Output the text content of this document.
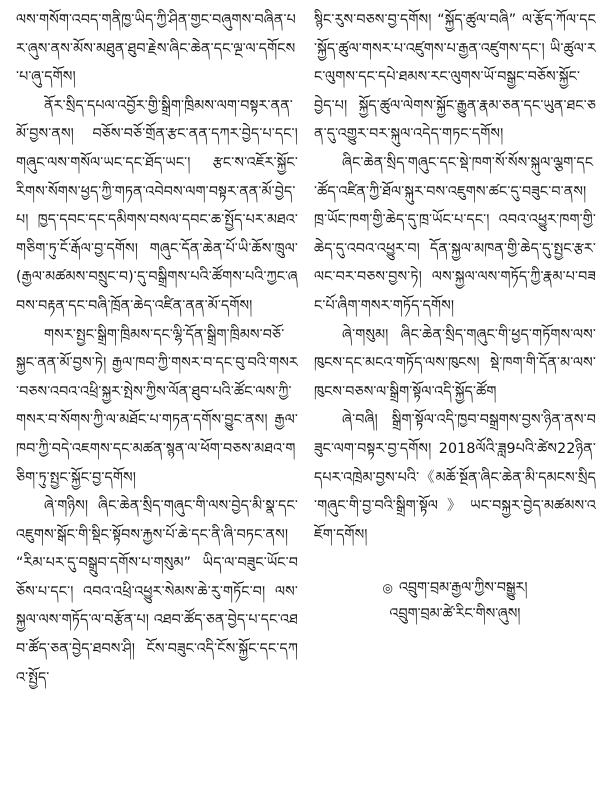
ལས་གསོག་འབད་གནིཁྱ་ཡིད་ཀྱི་ཤིན་གྱང་བཞུགས་བཞིན་པར་ཞུས་ནས་མོས་མཐུན་ཐུབ་རྗེས་ཞིང་ཆེན་དང་ལྔ་ལ་དགོངས་པ་ཞུ་དགོས།

ནོར་སྲིད་དཔལ་འབྱོར་གྱི་སྒྲིག་ཁྲིམས་ལག་བསྟར་ནན་མོ་བྱས་ནས། བཅོས་བཅོ་གྲོན་རྩང་ནན་དཀར་བྱེད་པ་དང་། གཞུང་ལས་གསོལ་ཡང་དང་ཐོད་ཡང་། རྩང་ས་འཇོར་སྐྱོང་རིགས་སོགས་ཕྱད་ཀྱི་གཏན་འབེབས་ལག་བསྟར་ནན་མོ་བྱེད་པ། ཁྱད་དབང་དང་དམིགས་བསལ་དབང་ཆ་སྤྱོད་པར་མཐའ་གཅིག་ཏུ་ངོ་རྒོལ་བྱ་དགོས། གཞུང་དོན་ཆེན་པོ་ཡི་ཆོས་ཁྲུལ་(རྒྱལ་མཚམས་བསྲུང་བ)་དུ་བསྒྲིགས་པའི་ཚོགས་པའི་ཀྱང་ཞབས་བརྟན་དང་བཞི་ཁྲོན་ཆེད་འཛིན་ནན་མོ་དགོས།

གསར་སྤྱང་སྒྲིག་ཁྲིམས་དང་ལྷི་དོན་སྒྲིག་ཁྲིམས་བཅོ་སྐྱང་ནན་མོ་བྱས་ཏེ། རྒྱལ་ཁབ་ཀྱི་གསར་བ་དང་བུ་བའི་གསར་བཅས་འབའ་འཕྲི་སྐྱར་སྤེས་ཀྱིས་ལོན་ཐུབ་པའི་ཚོང་ལས་ཀྱི་གསར་བ་སོགས་ཀྱི་ལ་མཐོང་པ་གཏན་དགོས་བྱུང་ནས། རྒྱལ་ཁབ་ཀྱི་བདེ་འཇགས་དང་མཚན་སྙན་ལ་ཕོག་བཅས་མཐའ་གཅིག་ཏུ་སྤྱང་སྐྱོང་བྱ་དགོས།

ཞེ་གཉིས། ཞིང་ཆེན་སྲིད་གཞུང་གི་ལས་བྱེད་མི་སྣ་དང་འཇུགས་སྒོང་གི་སྡིང་སྟོབས་རྐྱས་པོ་ཆེ་དང་ནི་ཞི་བཏང་ནས། “རིམ་པར་དུ་བསྒྲུབ་དགོས་པ་གསུམ” ཡིད་ལ་བཟུང་ཡོང་བཅོས་པ་དང་། འབའ་འཕྲི་འཕྱུར་སེམས་ཆེ་རུ་གཏོང་བ། ལས་སྐྱལ་ལས་གཏོད་ལ་བརྩོན་པ། འཐབ་ཚོད་ཅན་བྱེད་པ་དང་འཐབ་ཚོད་ཅན་བྱེད་ཐབས་ཤི། ངོས་བཟུང་འདི་ངོས་སྐྱོང་དང་དཀའ་སྤྱོད་

སྙིང་རུས་བཅས་བྱ་དགོས། “སྐྱོད་ཚུལ་བཞི” ལ་རྩོད་ཀོལ་དང་སྐྱོད་ཚུལ་གསར་པ་འཛུགས་པ་རྒྱན་འཛུགས་དང་། ཡི་ཚུལ་རང་ལུགས་དང་དཔེ་ཐམས་རང་ལུགས་ཡོ་བསྒྱང་བཅོས་སྐྱོང་བྱེད་པ། སྐྱོད་ཚུལ་ལེགས་སྐྱོང་རྒྱུན་རྣམ་ཅན་དང་ཡུན་ཐང་ཅན་དུ་འགྱུར་བར་སྐུལ་འདེད་གཏང་དགོས།

ཞིང་ཆེན་སྲིད་གཞུང་དང་སྡེ་ཁག་སོ་སོས་སྐུལ་ལྕག་དང་ཚོད་འཛིན་ཀྱི་ཐོལ་སྐུར་བས་འཇུགས་ཚང་དུ་བཟུང་བ་ནས། ཁྲ་ཡོང་ཁག་གྱི་ཆེད་དུ་ཁྲ་ཡོང་པ་དང་། འབའ་འཕྱུར་ཁག་གྱི་ཆེད་དུ་འབའ་འཕྱུར་བ། དོན་སྐྱལ་མཁན་གྱི་ཆེད་དུ་སྤྱང་རྩར་ལང་བར་བཅས་བྱས་ཏེ། ལས་སྐྱལ་ལས་གཏོད་ཀྱི་རྣམ་པ་བཟང་པོ་ཞིག་གསར་གཏོད་དགོས།

ཞེ་གསུམ། ཞིང་ཆེན་སྲིད་གཞུང་གི་ཕྱད་གཏོགས་ལས་ཁུངས་དང་མངའ་གཏོད་ལས་ཁུངས། སྡེ་ཁག་གི་དོན་མ་ལས་ཁུངས་བཅས་ལ་སྒྲིག་སྟོལ་འདི་སྐྱོད་ཚོག

ཞེ་བཞི། སྒྲིག་སྟོལ་འདི་ཁྱབ་བསྒྲགས་བྱས་ཉིན་ནས་བཟུང་ལག་བསྟར་བྱ་དགོས། 2018ལོའི་ཟླ9པའི་ཚེས22ཉིན་དཔར་འཁྲེམ་བྱས་པའི་《མཆོ་སྔོན་ཞིང་ཆེན་མི་དམངས་སྲིད་གཞུང་གི་བྱ་བའི་སྒྲིག་སྟོལ》ཡང་བསྐྱར་བྱེད་མཚམས་འཇོག་དགོས།

◎ འབྲུག་བྲམ་རྒྱལ་ཀྱིས་བསྒྱུར།
འབྲུག་བྲམ་ཚེ་རིང་གིས་ཞུས།
